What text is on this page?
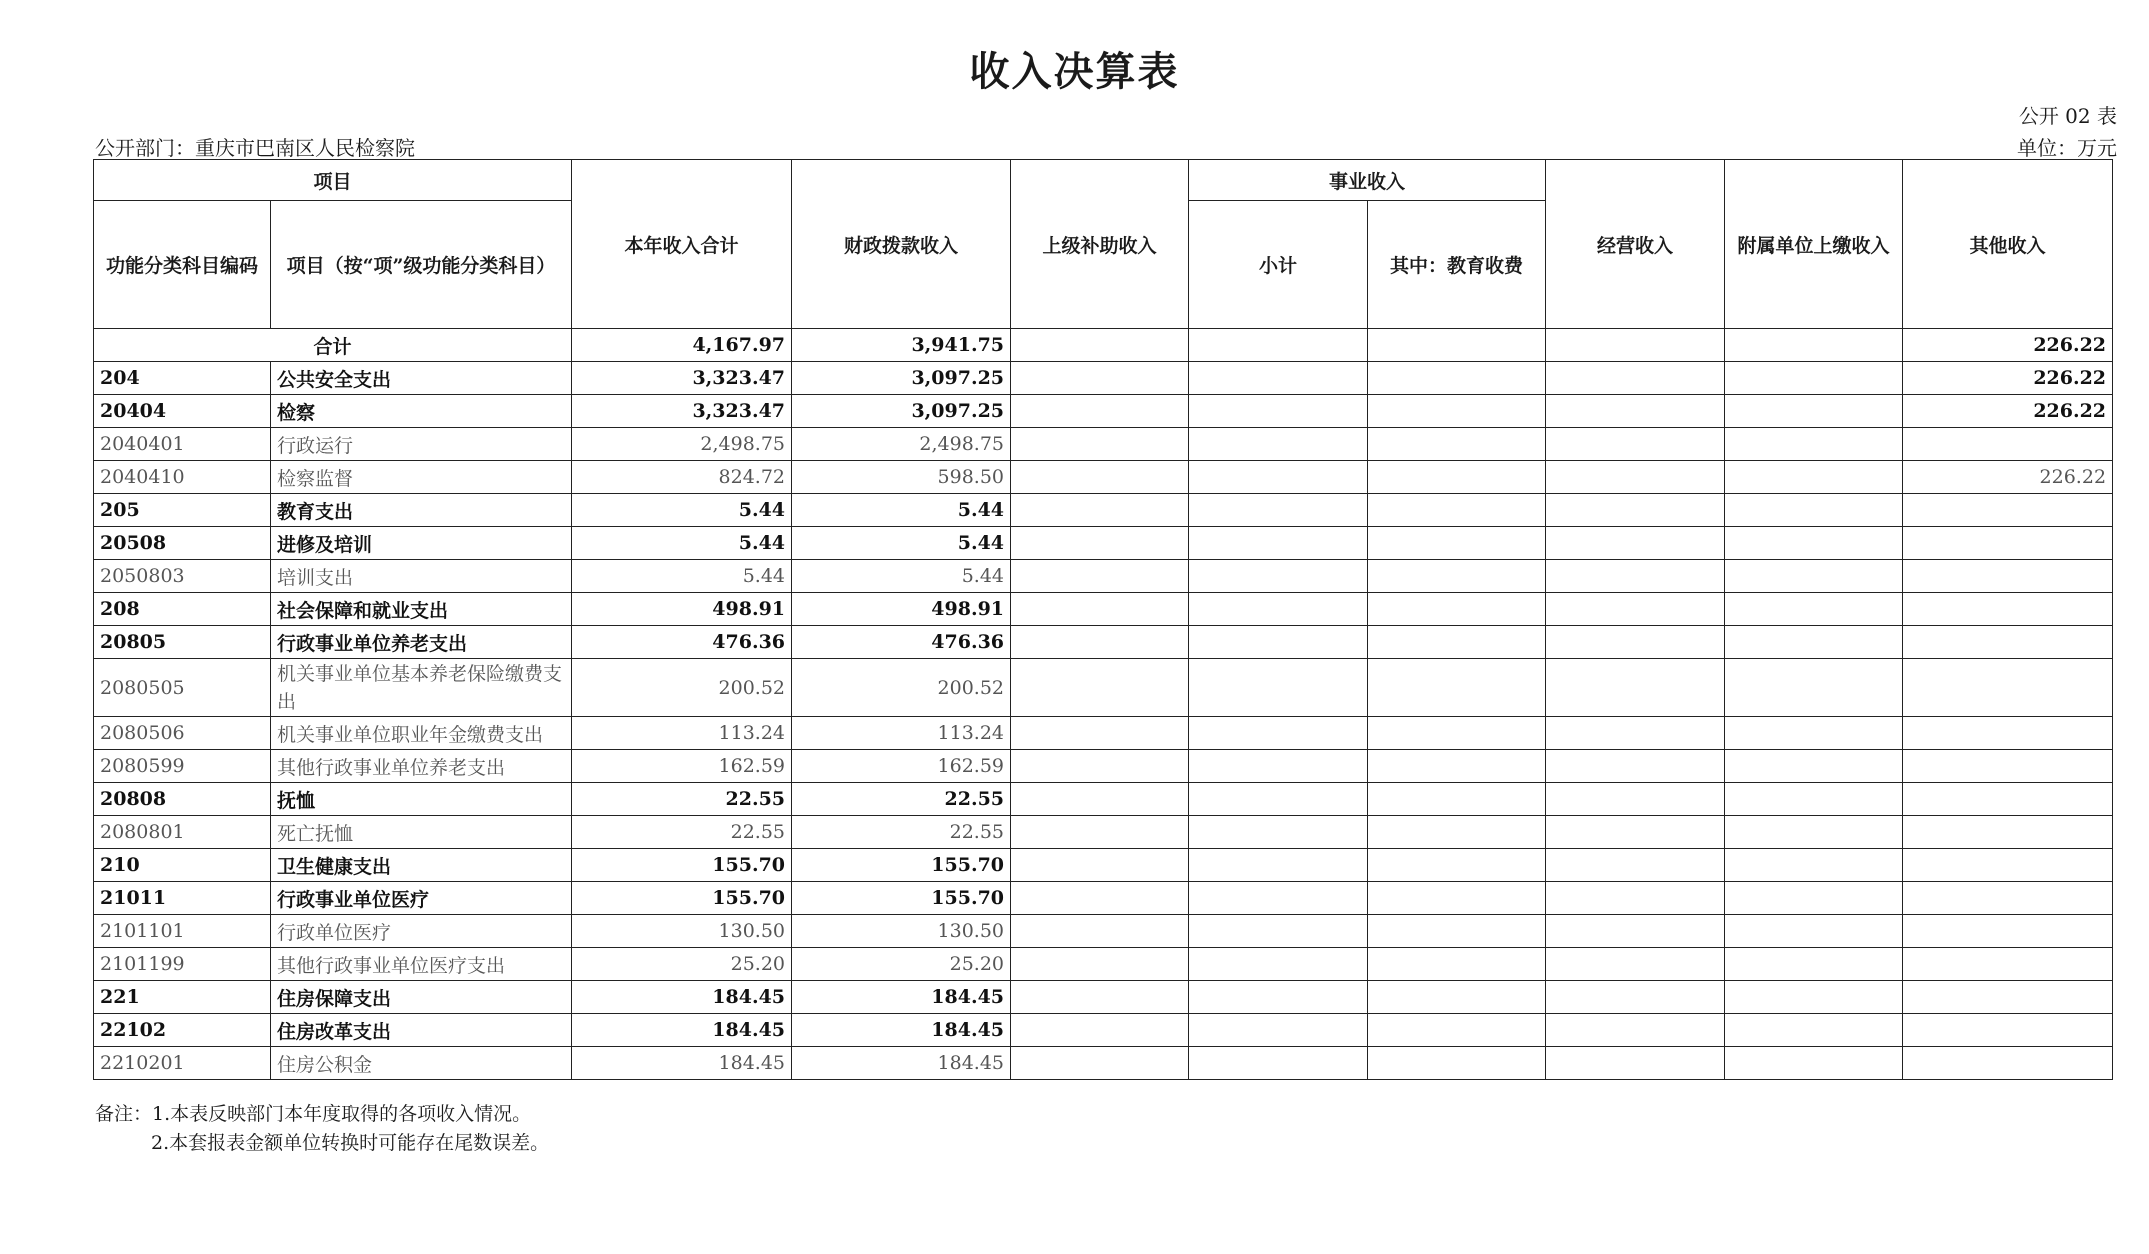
收入决算表
公开 02 表
公开部门：重庆市巴南区人民检察院	单位：万元
项目		本年收入合计	财政拨款收入	上级补助收入	事业收入		经营收入	附属单位上缴收入	其他收入
功能分类科目编码	项目（按“项”级功能分类科目）				小计	其中：教育收费			
合计		4,167.97	3,941.75						226.22
204	公共安全支出	3,323.47	3,097.25						226.22
20404	检察	3,323.47	3,097.25						226.22
2040401	行政运行	2,498.75	2,498.75						
2040410	检察监督	824.72	598.50						226.22
205	教育支出	5.44	5.44						
20508	进修及培训	5.44	5.44						
2050803	培训支出	5.44	5.44						
208	社会保障和就业支出	498.91	498.91						
20805	行政事业单位养老支出	476.36	476.36						
2080505	机关事业单位基本养老保险缴费支出	200.52	200.52						
2080506	机关事业单位职业年金缴费支出	113.24	113.24						
2080599	其他行政事业单位养老支出	162.59	162.59						
20808	抚恤	22.55	22.55						
2080801	死亡抚恤	22.55	22.55						
210	卫生健康支出	155.70	155.70						
21011	行政事业单位医疗	155.70	155.70						
2101101	行政单位医疗	130.50	130.50						
2101199	其他行政事业单位医疗支出	25.20	25.20						
221	住房保障支出	184.45	184.45						
22102	住房改革支出	184.45	184.45						
2210201	住房公积金	184.45	184.45						
备注：1.本表反映部门本年度取得的各项收入情况。
2.本套报表金额单位转换时可能存在尾数误差。
